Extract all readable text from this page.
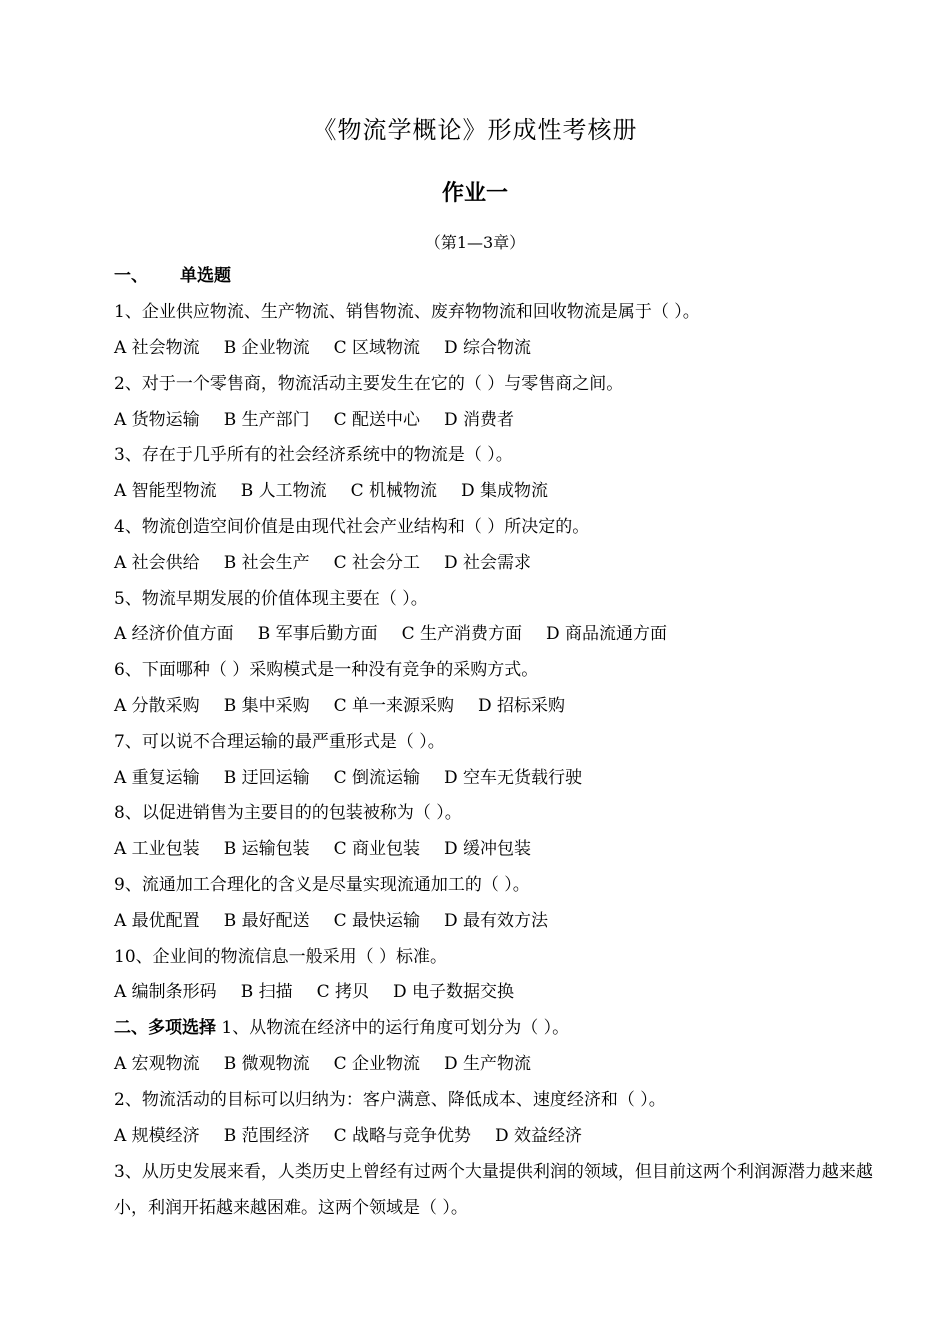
《物流学概论》形成性考核册
作业一
（第1—3章）
一、 单选题
1、企业供应物流、生产物流、销售物流、废弃物物流和回收物流是属于（ ）。
A 社会物流 B 企业物流 C 区域物流 D 综合物流
2、对于一个零售商，物流活动主要发生在它的（ ）与零售商之间。
A 货物运输 B 生产部门 C 配送中心 D 消费者
3、存在于几乎所有的社会经济系统中的物流是（ ）。
A 智能型物流 B 人工物流 C 机械物流 D 集成物流
4、物流创造空间价值是由现代社会产业结构和（ ）所决定的。
A 社会供给 B 社会生产 C 社会分工 D 社会需求
5、物流早期发展的价值体现主要在（ ）。
A 经济价值方面 B 军事后勤方面 C 生产消费方面 D 商品流通方面
6、下面哪种（ ）采购模式是一种没有竞争的采购方式。
A 分散采购 B 集中采购 C 单一来源采购 D 招标采购
7、可以说不合理运输的最严重形式是（ ）。
A 重复运输 B 迂回运输 C 倒流运输 D 空车无货载行驶
8、以促进销售为主要目的的包装被称为（ ）。
A 工业包装 B 运输包装 C 商业包装 D 缓冲包装
9、流通加工合理化的含义是尽量实现流通加工的（ ）。
A 最优配置 B 最好配送 C 最快运输 D 最有效方法
10、企业间的物流信息一般采用（ ）标准。
A 编制条形码 B 扫描 C 拷贝 D 电子数据交换
二、多项选择 1、从物流在经济中的运行角度可划分为（ ）。
A 宏观物流 B 微观物流 C 企业物流 D 生产物流
2、物流活动的目标可以归纳为：客户满意、降低成本、速度经济和（ ）。
A 规模经济 B 范围经济 C 战略与竞争优势 D 效益经济
3、从历史发展来看，人类历史上曾经有过两个大量提供利润的领域，但目前这两个利润源潜力越来越小，利润开拓越来越困难。这两个领域是（ ）。
